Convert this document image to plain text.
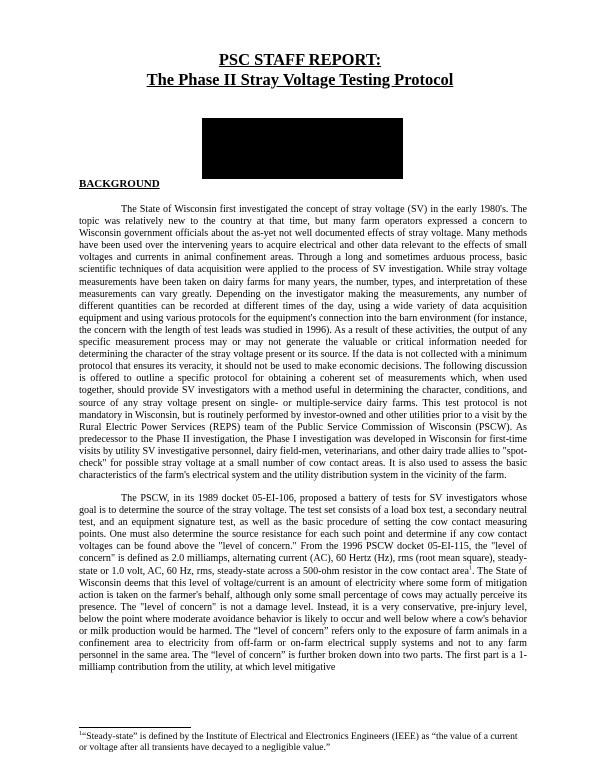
PSC STAFF REPORT:
The Phase II Stray Voltage Testing Protocol
BACKGROUND

The State of Wisconsin first investigated the concept of stray voltage (SV) in the early 1980's. The topic was relatively new to the country at that time, but many farm operators expressed a concern to Wisconsin government officials about the as-yet not well documented effects of stray voltage. Many methods have been used over the intervening years to acquire electrical and other data relevant to the effects of small voltages and currents in animal confinement areas. Through a long and sometimes arduous process, basic scientific techniques of data acquisition were applied to the process of SV investigation. While stray voltage measurements have been taken on dairy farms for many years, the number, types, and interpretation of these measurements can vary greatly. Depending on the investigator making the measurements, any number of different quantities can be recorded at different times of the day, using a wide variety of data acquisition equipment and using various protocols for the equipment's connection into the barn environment (for instance, the concern with the length of test leads was studied in 1996). As a result of these activities, the output of any specific measurement process may or may not generate the valuable or critical information needed for determining the character of the stray voltage present or its source. If the data is not collected with a minimum protocol that ensures its veracity, it should not be used to make economic decisions. The following discussion is offered to outline a specific protocol for obtaining a coherent set of measurements which, when used together, should provide SV investigators with a method useful in determining the character, conditions, and source of any stray voltage present on single- or multiple-service dairy farms. This test protocol is not mandatory in Wisconsin, but is routinely performed by investor-owned and other utilities prior to a visit by the Rural Electric Power Services (REPS) team of the Public Service Commission of Wisconsin (PSCW). As predecessor to the Phase II investigation, the Phase I investigation was developed in Wisconsin for first-time visits by utility SV investigative personnel, dairy field-men, veterinarians, and other dairy trade allies to "spot-check" for possible stray voltage at a small number of cow contact areas. It is also used to assess the basic characteristics of the farm's electrical system and the utility distribution system in the vicinity of the farm.

The PSCW, in its 1989 docket 05-EI-106, proposed a battery of tests for SV investigators whose goal is to determine the source of the stray voltage. The test set consists of a load box test, a secondary neutral test, and an equipment signature test, as well as the basic procedure of setting the cow contact measuring points. One must also determine the source resistance for each such point and determine if any cow contact voltages can be found above the "level of concern." From the 1996 PSCW docket 05-EI-115, the "level of concern" is defined as 2.0 milliamps, alternating current (AC), 60 Hertz (Hz), rms (root mean square), steady-state or 1.0 volt, AC, 60 Hz, rms, steady-state across a 500-ohm resistor in the cow contact area$^1$. The State of Wisconsin deems that this level of voltage/current is an amount of electricity where some form of mitigation action is taken on the farmer's behalf, although only some small percentage of cows may actually perceive its presence. The "level of concern" is not a damage level. Instead, it is a very conservative, pre-injury level, below the point where moderate avoidance behavior is likely to occur and well below where a cow's behavior or milk production would be harmed. The “level of concern” refers only to the exposure of farm animals in a confinement area to electricity from off-farm or on-farm electrical supply systems and not to any farm personnel in the same area. The “level of concern” is further broken down into two parts. The first part is a 1-milliamp contribution from the utility, at which level mitigative

$^1$“Steady-state” is defined by the Institute of Electrical and Electronics Engineers (IEEE) as “the value of a current or voltage after all transients have decayed to a negligible value.”
